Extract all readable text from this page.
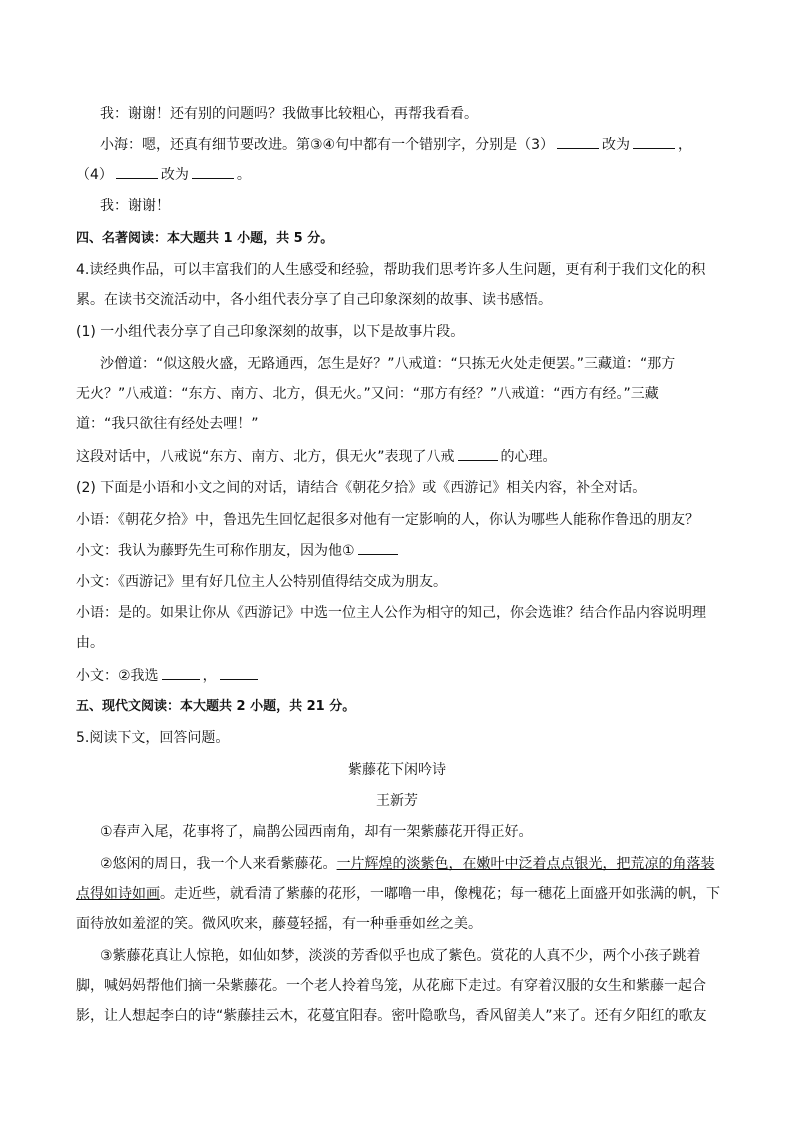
我：谢谢！还有别的问题吗？我做事比较粗心，再帮我看看。
小海：嗯，还真有细节要改进。第③④句中都有一个错别字，分别是（3）	改为	，
（4）	改为	。
我：谢谢！
四、名著阅读：本大题共 1 小题，共 5 分。
4.读经典作品，可以丰富我们的人生感受和经验，帮助我们思考许多人生问题，更有利于我们文化的积
累。在读书交流活动中，各小组代表分享了自己印象深刻的故事、读书感悟。
(1) 一小组代表分享了自己印象深刻的故事，以下是故事片段。
沙僧道：“似这般火盛，无路通西，怎生是好？”八戒道：“只拣无火处走便罢。”三藏道：“那方
无火？”八戒道：“东方、南方、北方，俱无火。”又问：“那方有经？”八戒道：“西方有经。”三藏
道：“我只欲往有经处去哩！”
这段对话中，八戒说“东方、南方、北方，俱无火”表现了八戒	的心理。
(2) 下面是小语和小文之间的对话，请结合《朝花夕拾》或《西游记》相关内容，补全对话。
小语：《朝花夕拾》中，鲁迅先生回忆起很多对他有一定影响的人，你认为哪些人能称作鲁迅的朋友？
小文：我认为藤野先生可称作朋友，因为他①
小文：《西游记》里有好几位主人公特别值得结交成为朋友。
小语：是的。如果让你从《西游记》中选一位主人公作为相守的知己，你会选谁？结合作品内容说明理
由。
小文：②我选	，
五、现代文阅读：本大题共 2 小题，共 21 分。
5.阅读下文，回答问题。
紫藤花下闲吟诗
王新芳
①春声入尾，花事将了，扁鹊公园西南角，却有一架紫藤花开得正好。
②悠闲的周日，我一个人来看紫藤花。一片辉煌的淡紫色，在嫩叶中泛着点点银光，把荒凉的角落装
点得如诗如画。走近些，就看清了紫藤的花形，一嘟噜一串，像槐花；每一穗花上面盛开如张满的帆，下
面待放如羞涩的笑。微风吹来，藤蔓轻摇，有一种垂垂如丝之美。
③紫藤花真让人惊艳，如仙如梦，淡淡的芳香似乎也成了紫色。赏花的人真不少，两个小孩子跳着
脚，喊妈妈帮他们摘一朵紫藤花。一个老人拎着鸟笼，从花廊下走过。有穿着汉服的女生和紫藤一起合
影，让人想起李白的诗“紫藤挂云木，花蔓宜阳春。密叶隐歌鸟，香风留美人”来了。还有夕阳红的歌友
